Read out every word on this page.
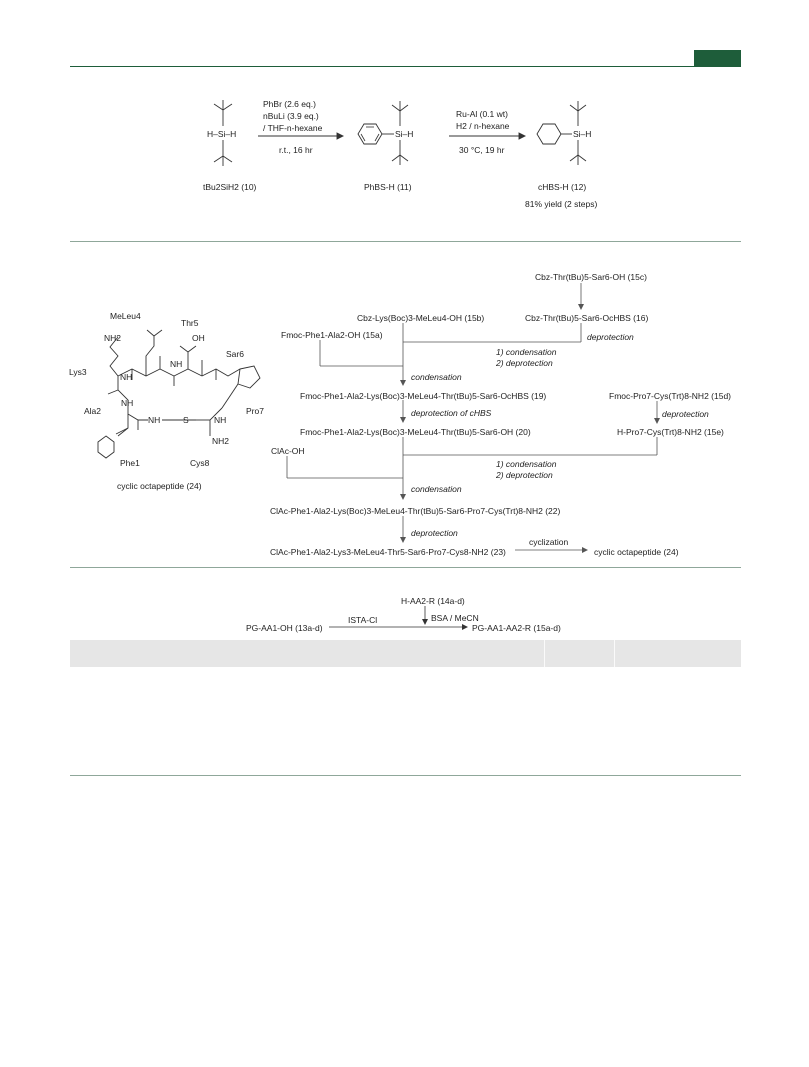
PhBr (2.6 eq.)
nBuLi (3.9 eq.)
/ THF-n-hexane
r.t., 16 hr
Ru-Al (0.1 wt)
H2 / n-hexane
30 °C, 19 hr
H–Si–H	Si–H	Si–H
tBu2SiH2 (10)	PhBS-H (11)	cHBS-H (12)
81% yield (2 steps)
MeLeu4
Thr5
NH2	OH
Sar6
Lys3	NH
NH
NH
Ala2
NH	S	NH
Pro7
NH2
Phe1	Cys8
cyclic octapeptide (24)
Cbz-Thr(tBu)5-Sar6-OH (15c)
Cbz-Lys(Boc)3-MeLeu4-OH (15b)	Cbz-Thr(tBu)5-Sar6-OcHBS (16)
Fmoc-Phe1-Ala2-OH (15a)	deprotection
1) condensation
2) deprotection
condensation
Fmoc-Phe1-Ala2-Lys(Boc)3-MeLeu4-Thr(tBu)5-Sar6-OcHBS (19)	Fmoc-Pro7-Cys(Trt)8-NH2 (15d)
deprotection of cHBS	deprotection
Fmoc-Phe1-Ala2-Lys(Boc)3-MeLeu4-Thr(tBu)5-Sar6-OH (20)	H-Pro7-Cys(Trt)8-NH2 (15e)
ClAc-OH
1) condensation
2) deprotection
condensation
ClAc-Phe1-Ala2-Lys(Boc)3-MeLeu4-Thr(tBu)5-Sar6-Pro7-Cys(Trt)8-NH2 (22)
deprotection
ClAc-Phe1-Ala2-Lys3-MeLeu4-Thr5-Sar6-Pro7-Cys8-NH2 (23)
cyclization
cyclic octapeptide (24)
H-AA2-R (14a-d)
ISTA-Cl	BSA / MeCN
PG-AA1-OH (13a-d)	PG-AA1-AA2-R (15a-d)
